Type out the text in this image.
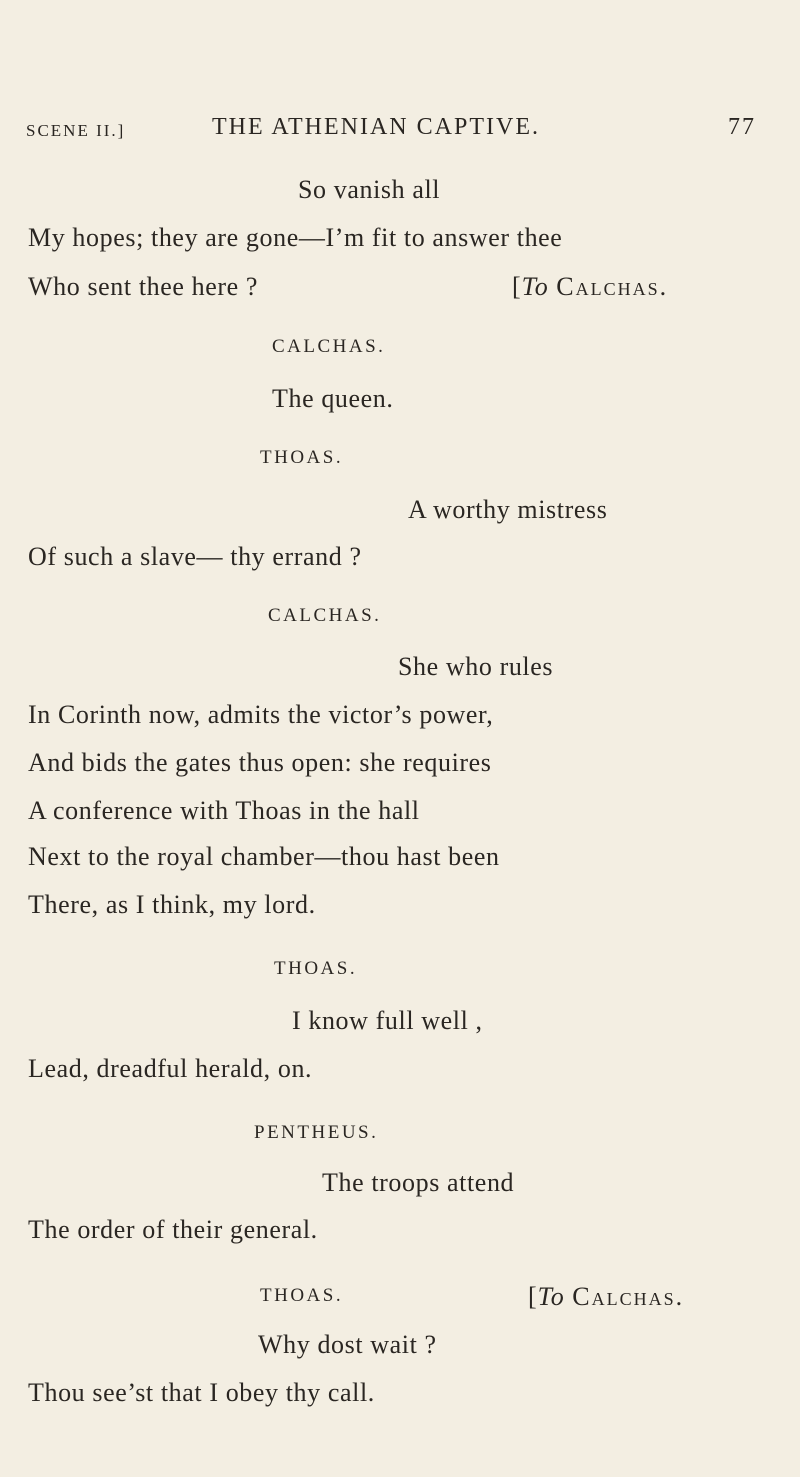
SCENE II.]	THE ATHENIAN CAPTIVE.	77
So vanish all
My hopes; they are gone—I’m fit to answer thee
Who sent thee here ?	[To Calchas.
CALCHAS.
The queen.
THOAS.
A worthy mistress
Of such a slave— thy errand ?
CALCHAS.
She who rules
In Corinth now, admits the victor’s power,
And bids the gates thus open: she requires
A conference with Thoas in the hall
Next to the royal chamber—thou hast been
There, as I think, my lord.
THOAS.
I know full well ,
Lead, dreadful herald, on.
PENTHEUS.
The troops attend
The order of their general.
THOAS.	[To Calchas.
Why dost wait ?
Thou see’st that I obey thy call.
